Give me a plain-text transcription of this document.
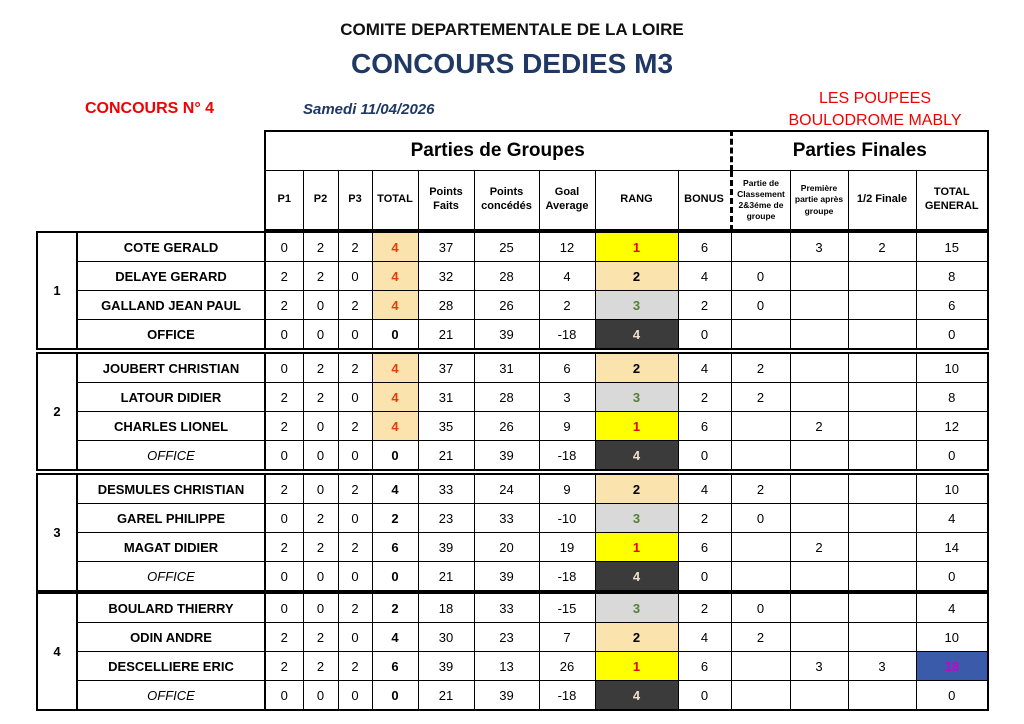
COMITE DEPARTEMENTALE DE LA LOIRE
CONCOURS DEDIES M3
CONCOURS N° 4	Samedi 11/04/2026
LES POUPEES
BOULODROME MABLY
Parties de Groupes									Parties Finales			
P1	P2	P3	TOTAL	Points Faits	Points concédés	Goal Average	RANG	BONUS	Partie de Classement 2&3éme de groupe	Première partie après groupe	1/2 Finale	TOTAL GENERAL
1	COTE GERALD	0	2	2	4	37	25	12	1	6		3	2	15
	DELAYE GERARD	2	2	0	4	32	28	4	2	4	0			8
	GALLAND JEAN PAUL	2	0	2	4	28	26	2	3	2	0			6
	OFFICE	0	0	0	0	21	39	-18	4	0				0
2	JOUBERT CHRISTIAN	0	2	2	4	37	31	6	2	4	2			10
	LATOUR DIDIER	2	2	0	4	31	28	3	3	2	2			8
	CHARLES LIONEL	2	0	2	4	35	26	9	1	6		2		12
	OFFICE	0	0	0	0	21	39	-18	4	0				0
3	DESMULES CHRISTIAN	2	0	2	4	33	24	9	2	4	2			10
	GAREL PHILIPPE	0	2	0	2	23	33	-10	3	2	0			4
	MAGAT DIDIER	2	2	2	6	39	20	19	1	6		2		14
	OFFICE	0	0	0	0	21	39	-18	4	0				0
4	BOULARD THIERRY	0	0	2	2	18	33	-15	3	2	0			4
	ODIN ANDRE	2	2	0	4	30	23	7	2	4	2			10
	DESCELLIERE ERIC	2	2	2	6	39	13	26	1	6		3	3	18
	OFFICE	0	0	0	0	21	39	-18	4	0				0
